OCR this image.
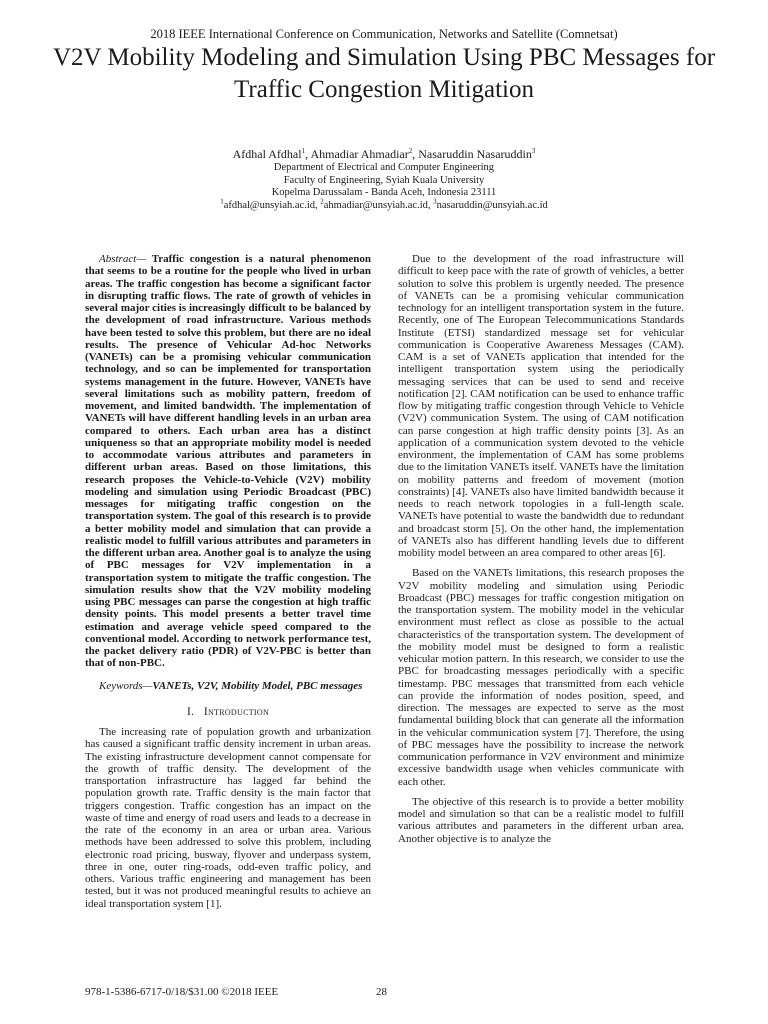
2018 IEEE International Conference on Communication, Networks and Satellite (Comnetsat)
V2V Mobility Modeling and Simulation Using PBC Messages for Traffic Congestion Mitigation
Afdhal Afdhal$^1$, Ahmadiar Ahmadiar$^2$, Nasaruddin Nasaruddin$^3$
Department of Electrical and Computer Engineering
Faculty of Engineering, Syiah Kuala University
Kopelma Darussalam - Banda Aceh, Indonesia 23111
$^1$afdhal@unsyiah.ac.id, $^2$ahmadiar@unsyiah.ac.id, $^3$nasaruddin@unsyiah.ac.id

Abstract— Traffic congestion is a natural phenomenon that seems to be a routine for the people who lived in urban areas. The traffic congestion has become a significant factor in disrupting traffic flows. The rate of growth of vehicles in several major cities is increasingly difficult to be balanced by the development of road infrastructure. Various methods have been tested to solve this problem, but there are no ideal results. The presence of Vehicular Ad-hoc Networks (VANETs) can be a promising vehicular communication technology, and so can be implemented for transportation systems management in the future. However, VANETs have several limitations such as mobility pattern, freedom of movement, and limited bandwidth. The implementation of VANETs will have different handling levels in an urban area compared to others. Each urban area has a distinct uniqueness so that an appropriate mobility model is needed to accommodate various attributes and parameters in different urban areas. Based on those limitations, this research proposes the Vehicle-to-Vehicle (V2V) mobility modeling and simulation using Periodic Broadcast (PBC) messages for mitigating traffic congestion on the transportation system. The goal of this research is to provide a better mobility model and simulation that can provide a realistic model to fulfill various attributes and parameters in the different urban area. Another goal is to analyze the using of PBC messages for V2V implementation in a transportation system to mitigate the traffic congestion. The simulation results show that the V2V mobility modeling using PBC messages can parse the congestion at high traffic density points. This model presents a better travel time estimation and average vehicle speed compared to the conventional model. According to network performance test, the packet delivery ratio (PDR) of V2V-PBC is better than that of non-PBC.

Keywords—VANETs, V2V, Mobility Model, PBC messages

I. Introduction

The increasing rate of population growth and urbanization has caused a significant traffic density increment in urban areas. The existing infrastructure development cannot compensate for the growth of traffic density. The development of the transportation infrastructure has lagged far behind the population growth rate. Traffic density is the main factor that triggers congestion. Traffic congestion has an impact on the waste of time and energy of road users and leads to a decrease in the rate of the economy in an area or urban area. Various methods have been addressed to solve this problem, including electronic road pricing, busway, flyover and underpass system, three in one, outer ring-roads, odd-even traffic policy, and others. Various traffic engineering and management has been tested, but it was not produced meaningful results to achieve an ideal transportation system [1].

Due to the development of the road infrastructure will difficult to keep pace with the rate of growth of vehicles, a better solution to solve this problem is urgently needed. The presence of VANETs can be a promising vehicular communication technology for an intelligent transportation system in the future. Recently, one of The European Telecommunications Standards Institute (ETSI) standardized message set for vehicular communication is Cooperative Awareness Messages (CAM). CAM is a set of VANETs application that intended for the intelligent transportation system using the periodically messaging services that can be used to send and receive notification [2]. CAM notification can be used to enhance traffic flow by mitigating traffic congestion through Vehicle to Vehicle (V2V) communication System. The using of CAM notification can parse congestion at high traffic density points [3]. As an application of a communication system devoted to the vehicle environment, the implementation of CAM has some problems due to the limitation VANETs itself. VANETs have the limitation on mobility patterns and freedom of movement (motion constraints) [4]. VANETs also have limited bandwidth because it needs to reach network topologies in a full-length scale. VANETs have potential to waste the bandwidth due to redundant and broadcast storm [5]. On the other hand, the implementation of VANETs also has different handling levels due to different mobility model between an area compared to other areas [6].

Based on the VANETs limitations, this research proposes the V2V mobility modeling and simulation using Periodic Broadcast (PBC) messages for traffic congestion mitigation on the transportation system. The mobility model in the vehicular environment must reflect as close as possible to the actual characteristics of the transportation system. The development of the mobility model must be designed to form a realistic vehicular motion pattern. In this research, we consider to use the PBC for broadcasting messages periodically with a specific timestamp. PBC messages that transmitted from each vehicle can provide the information of nodes position, speed, and direction. The messages are expected to serve as the most fundamental building block that can generate all the information in the vehicular communication system [7]. Therefore, the using of PBC messages have the possibility to increase the network communication performance in V2V environment and minimize excessive bandwidth usage when vehicles communicate with each other.

The objective of this research is to provide a better mobility model and simulation so that can be a realistic model to fulfill various attributes and parameters in the different urban area. Another objective is to analyze the

978-1-5386-6717-0/18/$31.00 ©2018 IEEE	28
